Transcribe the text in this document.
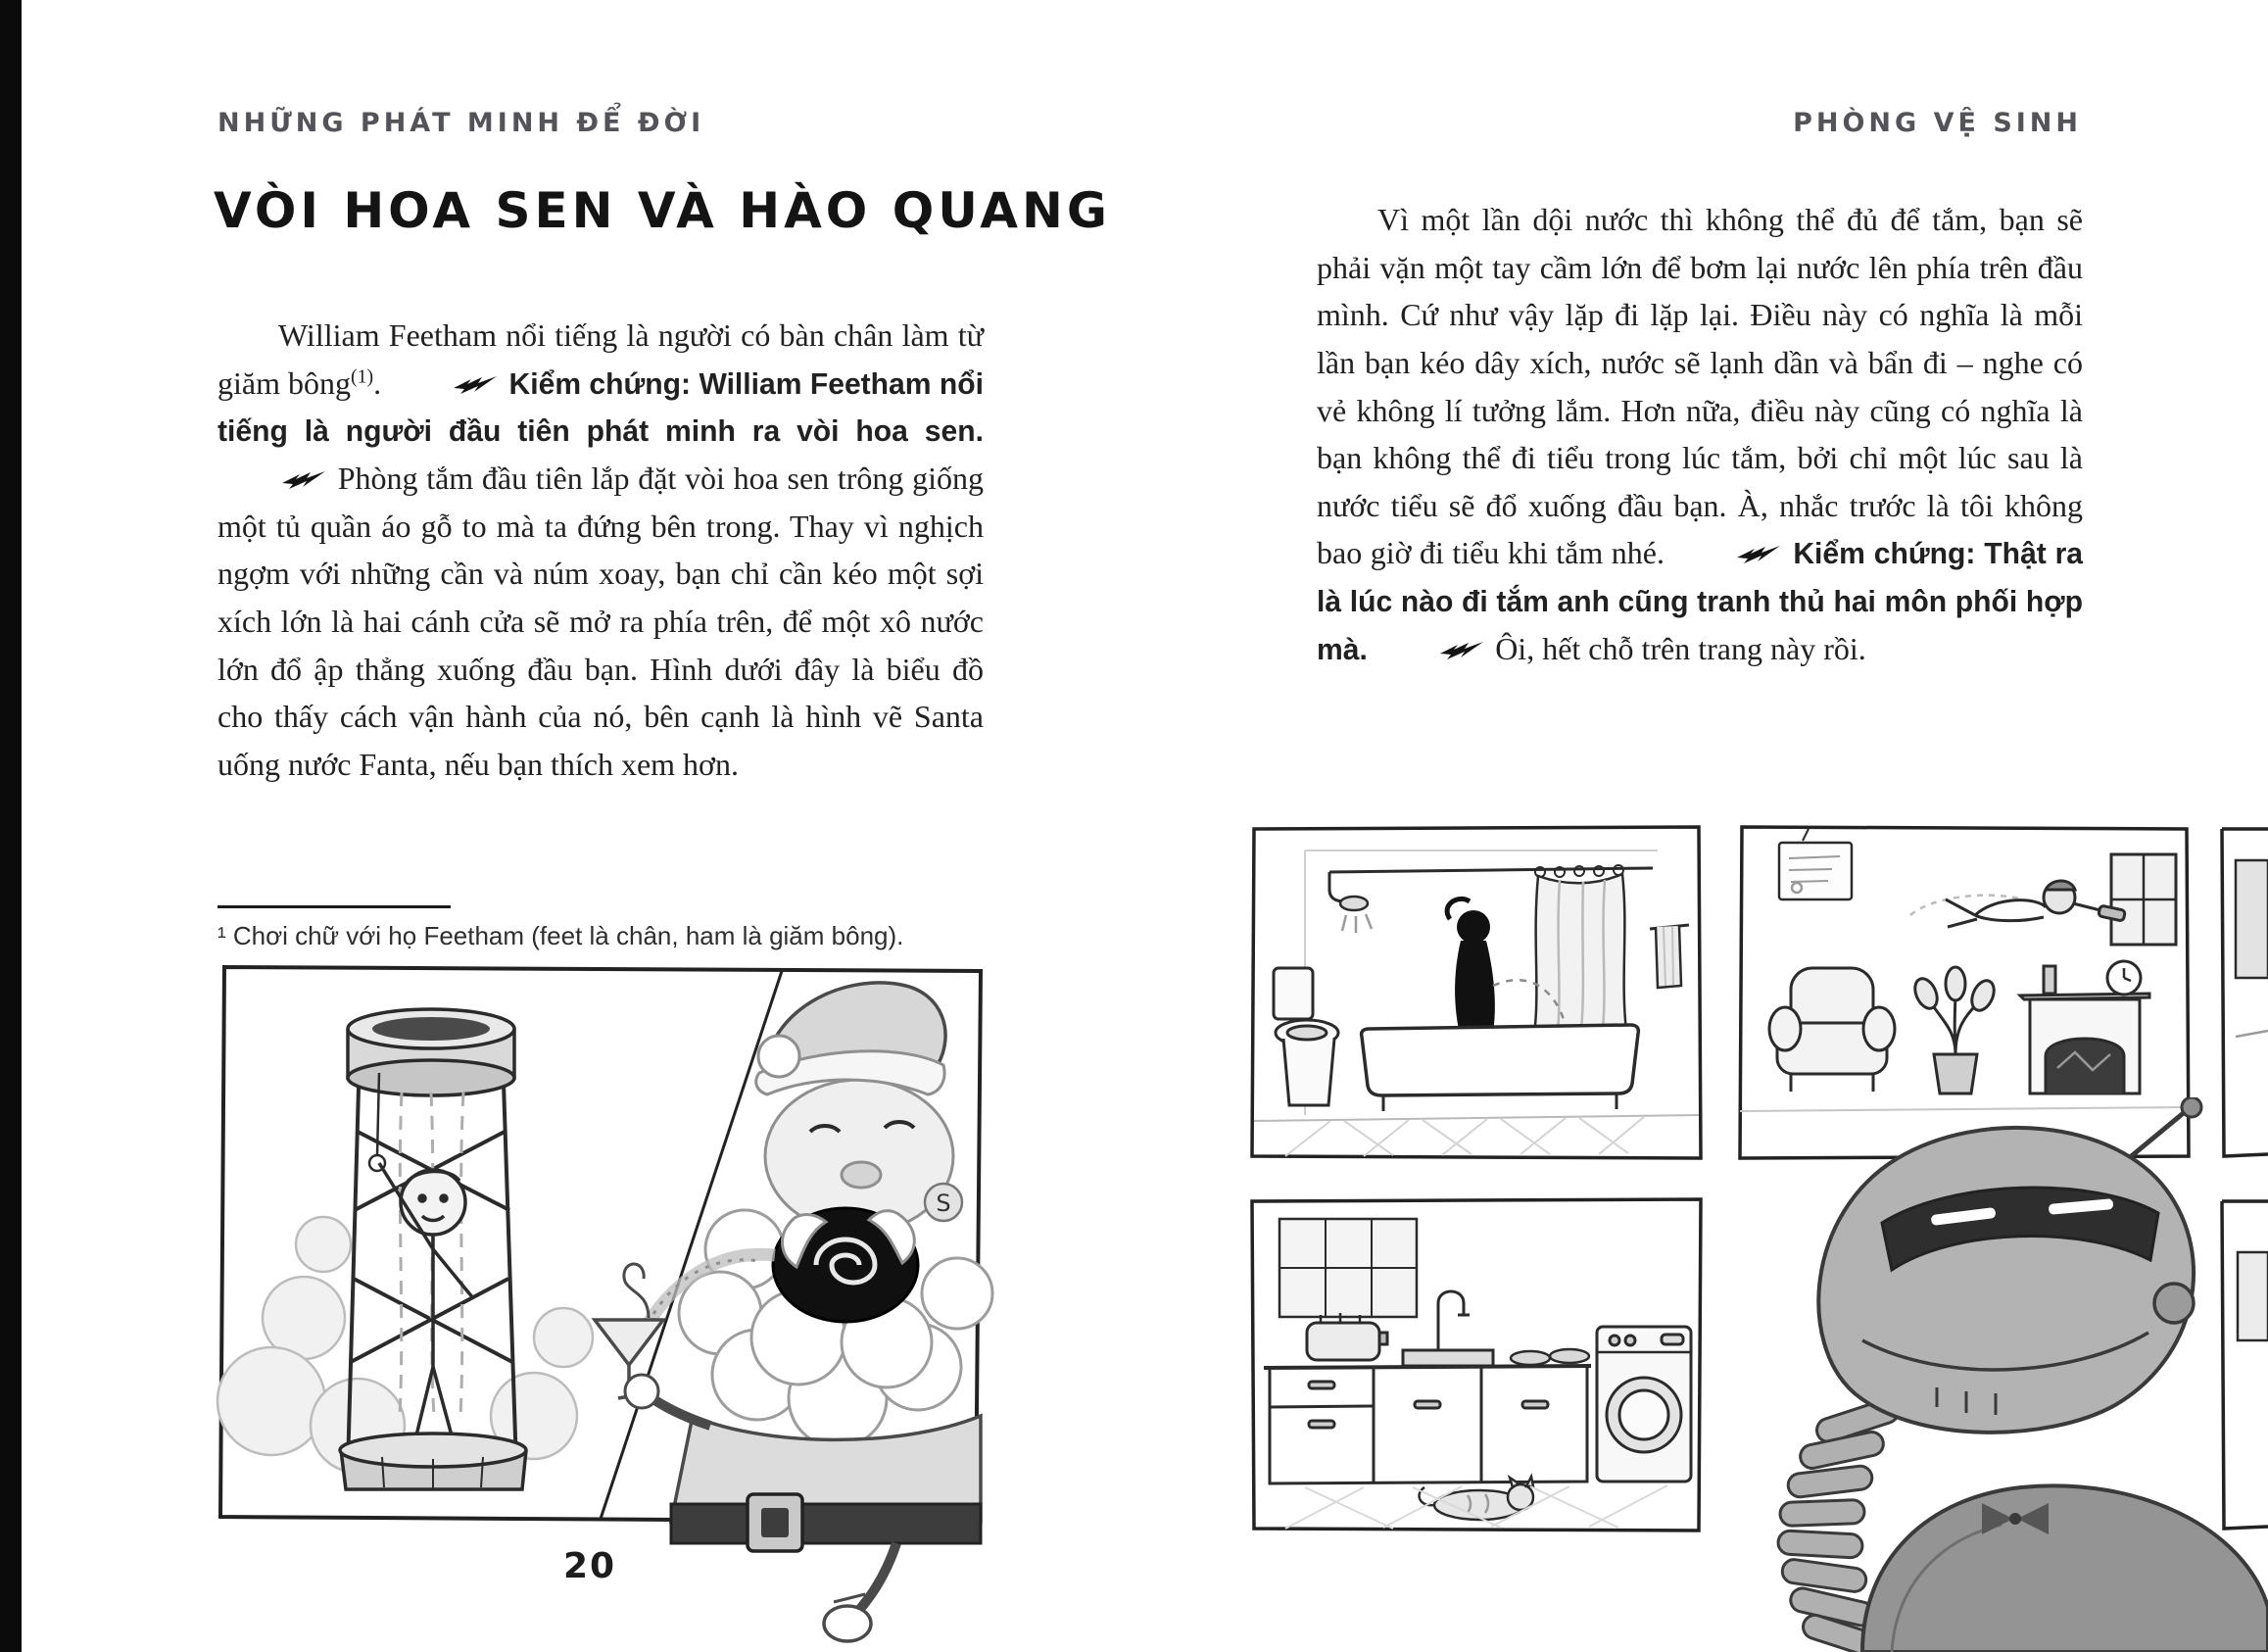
NHỮNG PHÁT MINH ĐỂ ĐỜI	PHÒNG VỆ SINH
VÒI HOA SEN VÀ HÀO QUANG
William Feetham nổi tiếng là người có bàn chân làm từ giăm bông$^{(1)}$.	Kiểm chứng: William Feetham nổi tiếng là người đầu tiên phát minh ra vòi hoa sen.  Phòng tắm đầu tiên lắp đặt vòi hoa sen trông giống một tủ quần áo gỗ to mà ta đứng bên trong. Thay vì nghịch ngợm với những cần và núm xoay, bạn chỉ cần kéo một sợi xích lớn là hai cánh cửa sẽ mở ra phía trên, để một xô nước lớn đổ ập thẳng xuống đầu bạn. Hình dưới đây là biểu đồ cho thấy cách vận hành của nó, bên cạnh là hình vẽ Santa uống nước Fanta, nếu bạn thích xem hơn.
¹ Chơi chữ với họ Feetham (feet là chân, ham là giăm bông).
Vì một lần dội nước thì không thể đủ để tắm, bạn sẽ phải vặn một tay cầm lớn để bơm lại nước lên phía trên đầu mình. Cứ như vậy lặp đi lặp lại. Điều này có nghĩa là mỗi lần bạn kéo dây xích, nước sẽ lạnh dần và bẩn đi – nghe có vẻ không lí tưởng lắm. Hơn nữa, điều này cũng có nghĩa là bạn không thể đi tiểu trong lúc tắm, bởi chỉ một lúc sau là nước tiểu sẽ đổ xuống đầu bạn. À, nhắc trước là tôi không bao giờ đi tiểu khi tắm nhé.	Kiểm chứng: Thật ra là lúc nào đi tắm anh cũng tranh thủ hai môn phối hợp mà.	Ôi, hết chỗ trên trang này rồi.
S
20
